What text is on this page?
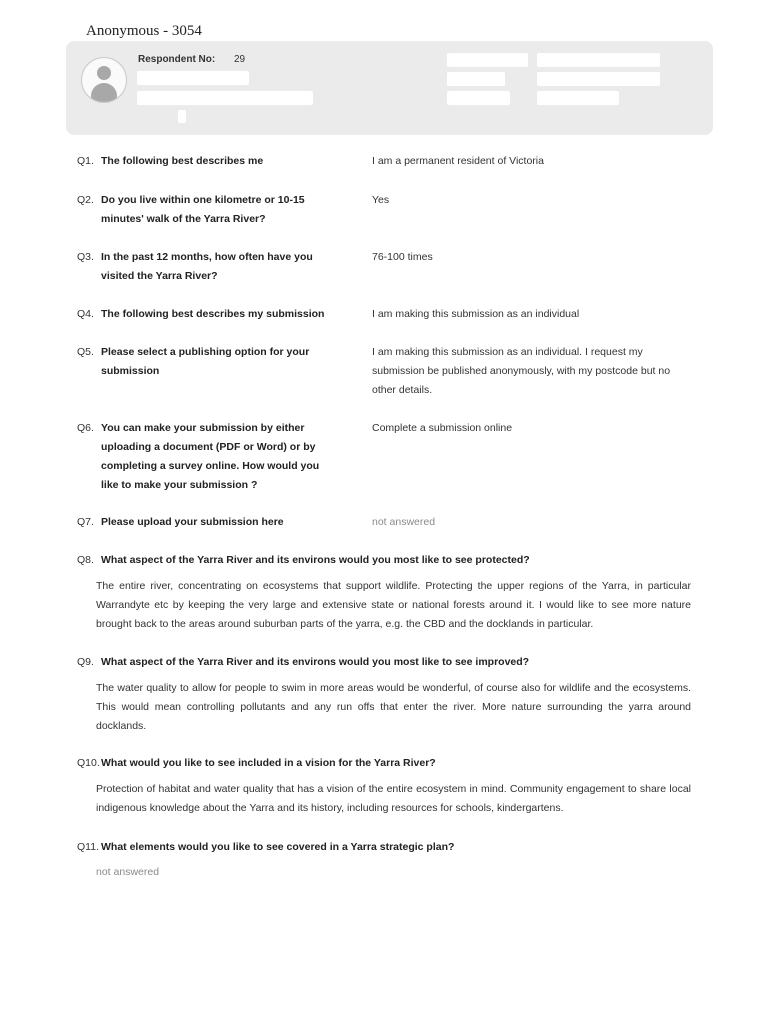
Anonymous - 3054
Respondent No: 29
Q1. The following best describes me	I am a permanent resident of Victoria
Q2. Do you live within one kilometre or 10-15 minutes' walk of the Yarra River?
Yes
Q3. In the past 12 months, how often have you visited the Yarra River?
76-100 times
Q4. The following best describes my submission	I am making this submission as an individual
Q5. Please select a publishing option for your submission
I am making this submission as an individual. I request my submission be published anonymously, with my postcode but no other details.
Q6. You can make your submission by either uploading a document (PDF or Word) or by completing a survey online. How would you like to make your submission ?
Complete a submission online
Q7. Please upload your submission here	not answered
Q8. What aspect of the Yarra River and its environs would you most like to see protected?
The entire river, concentrating on ecosystems that support wildlife. Protecting the upper regions of the Yarra, in particular Warrandyte etc by keeping the very large and extensive state or national forests around it. I would like to see more nature brought back to the areas around suburban parts of the yarra, e.g. the CBD and the docklands in particular.
Q9. What aspect of the Yarra River and its environs would you most like to see improved?
The water quality to allow for people to swim in more areas would be wonderful, of course also for wildlife and the ecosystems. This would mean controlling pollutants and any run offs that enter the river. More nature surrounding the yarra around docklands.
Q10. What would you like to see included in a vision for the Yarra River?
Protection of habitat and water quality that has a vision of the entire ecosystem in mind. Community engagement to share local indigenous knowledge about the Yarra and its history, including resources for schools, kindergartens.
Q11. What elements would you like to see covered in a Yarra strategic plan?
not answered
